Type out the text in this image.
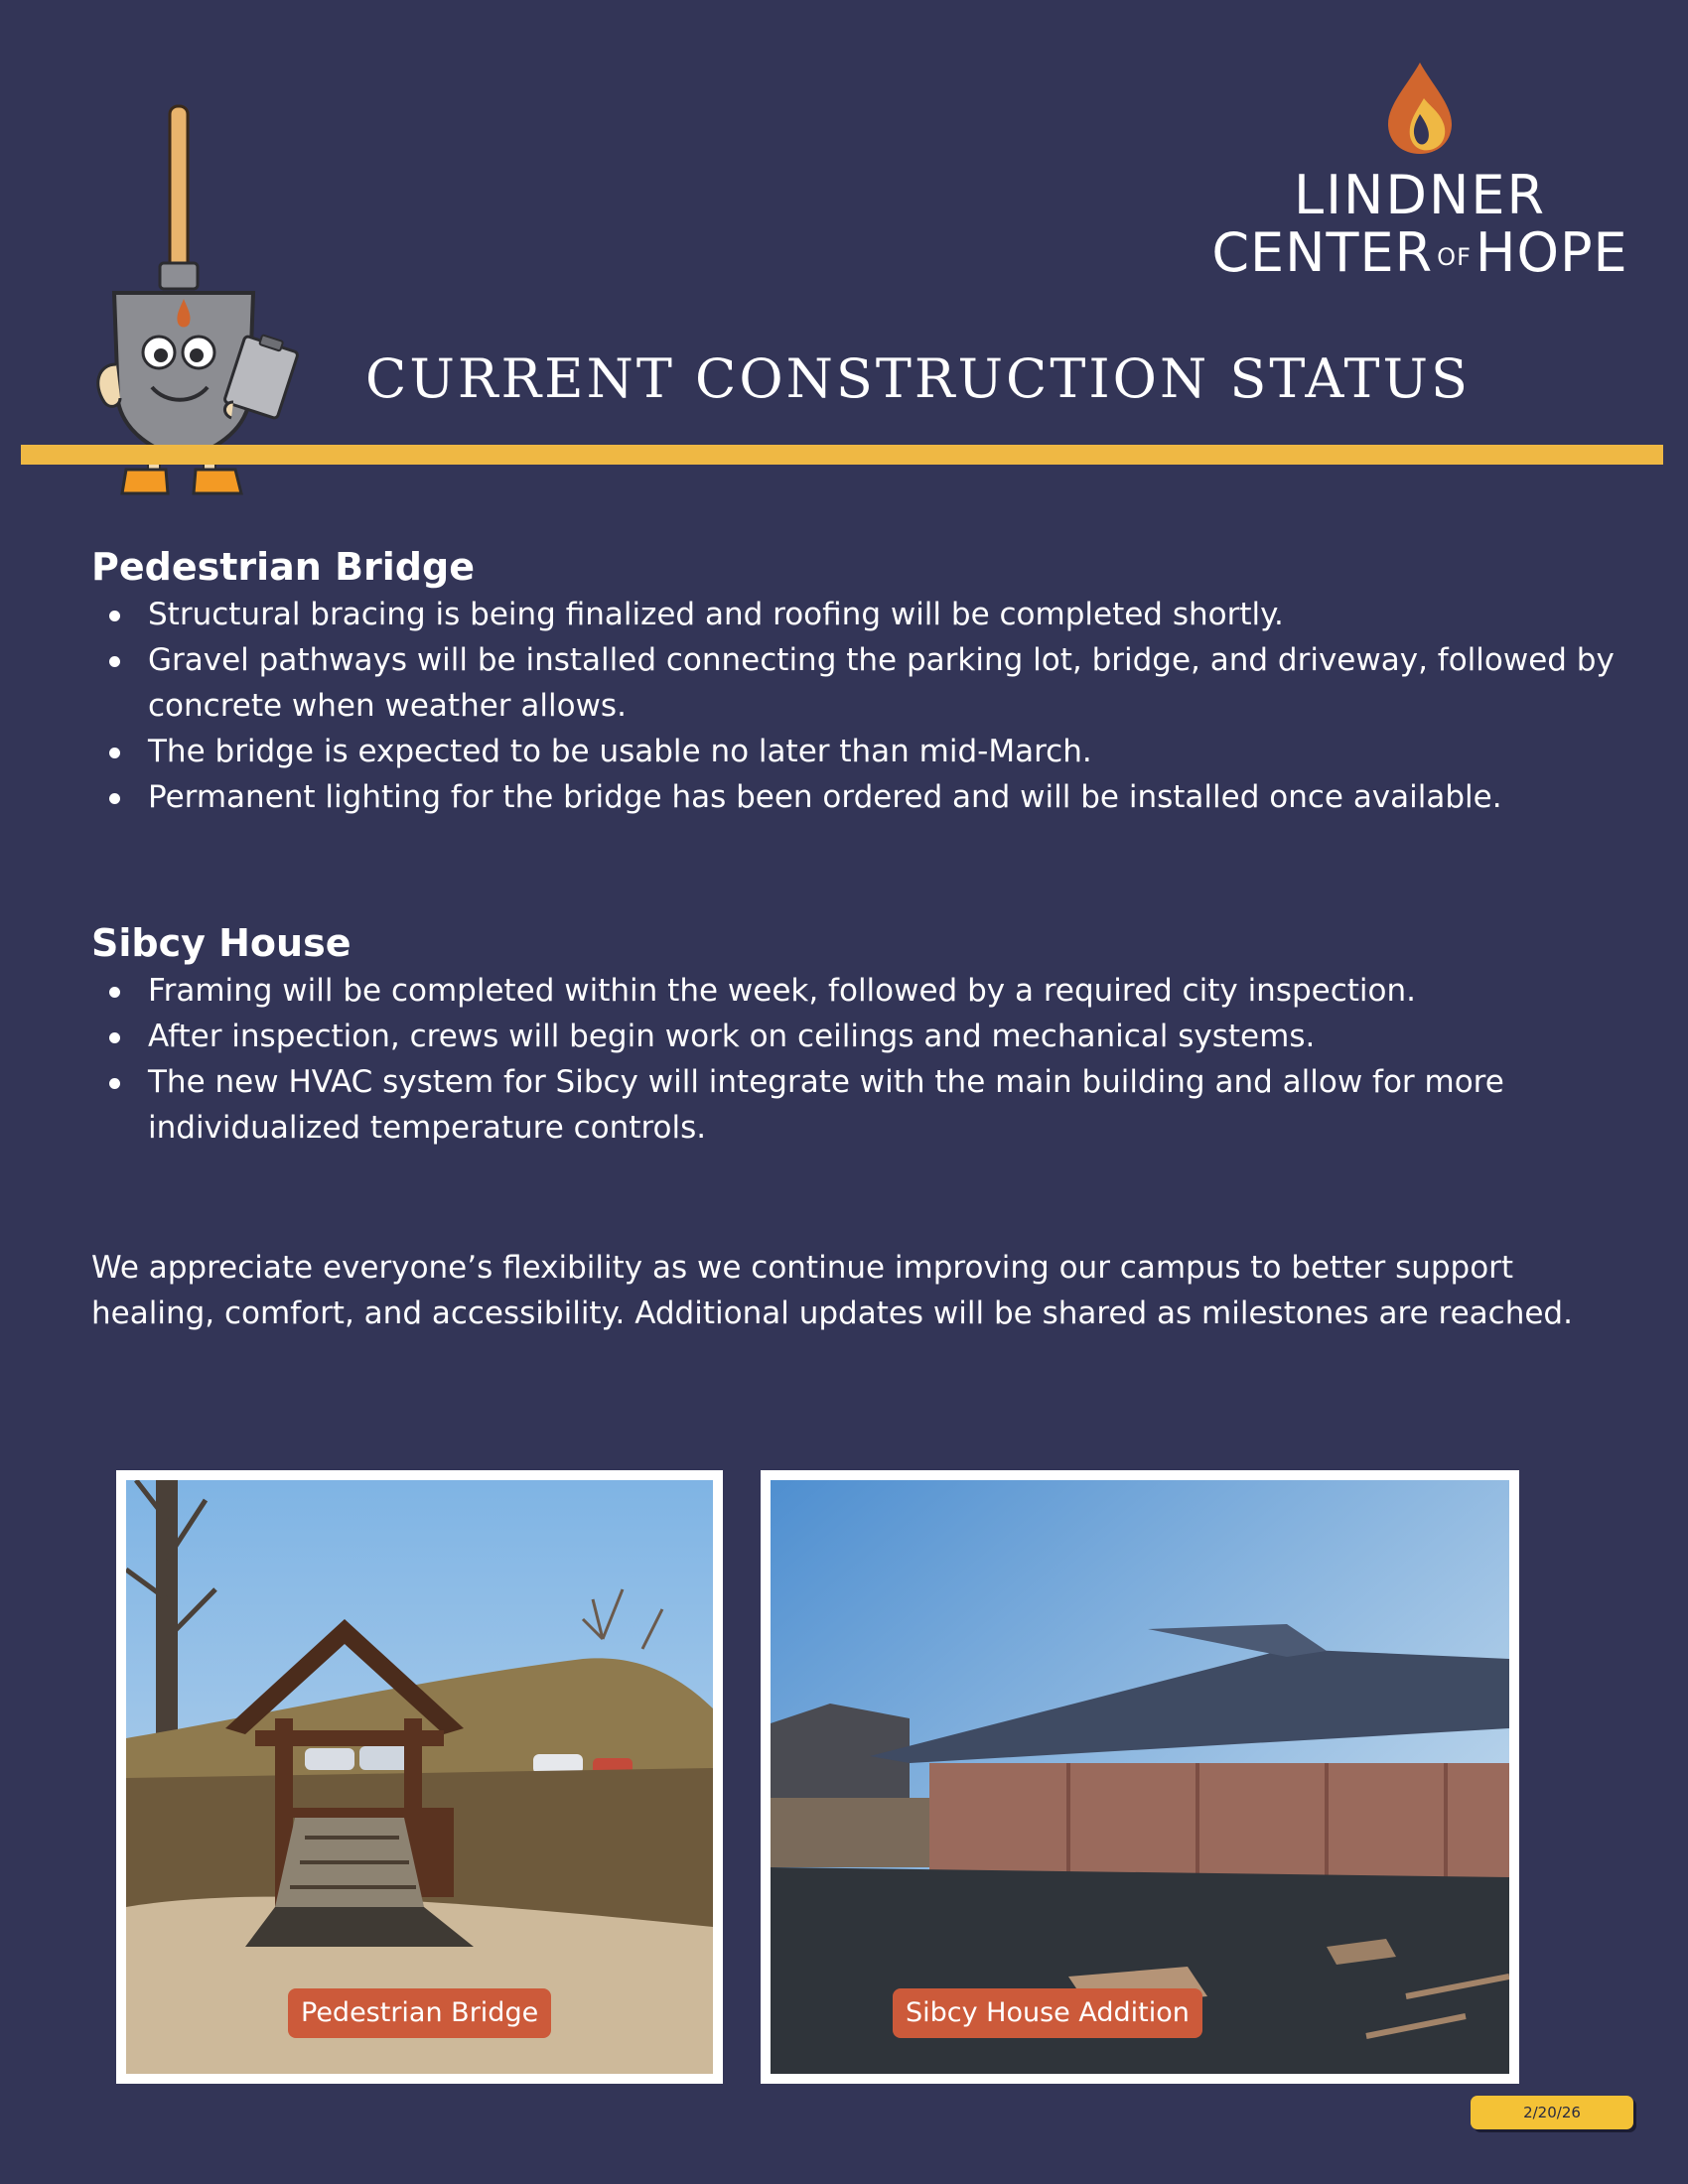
LINDNER
CENTER OFHOPE
CURRENT CONSTRUCTION STATUS
Pedestrian Bridge
Structural bracing is being finalized and roofing will be completed shortly.
Gravel pathways will be installed connecting the parking lot, bridge, and driveway, followed by concrete when weather allows.
The bridge is expected to be usable no later than mid-March.
Permanent lighting for the bridge has been ordered and will be installed once available.
Sibcy House
Framing will be completed within the week, followed by a required city inspection.
After inspection, crews will begin work on ceilings and mechanical systems.
The new HVAC system for Sibcy will integrate with the main building and allow for more individualized temperature controls.

We appreciate everyone’s flexibility as we continue improving our campus to better support healing, comfort, and accessibility. Additional updates will be shared as milestones are reached.

Pedestrian Bridge	Sibcy House Addition
2/20/26
